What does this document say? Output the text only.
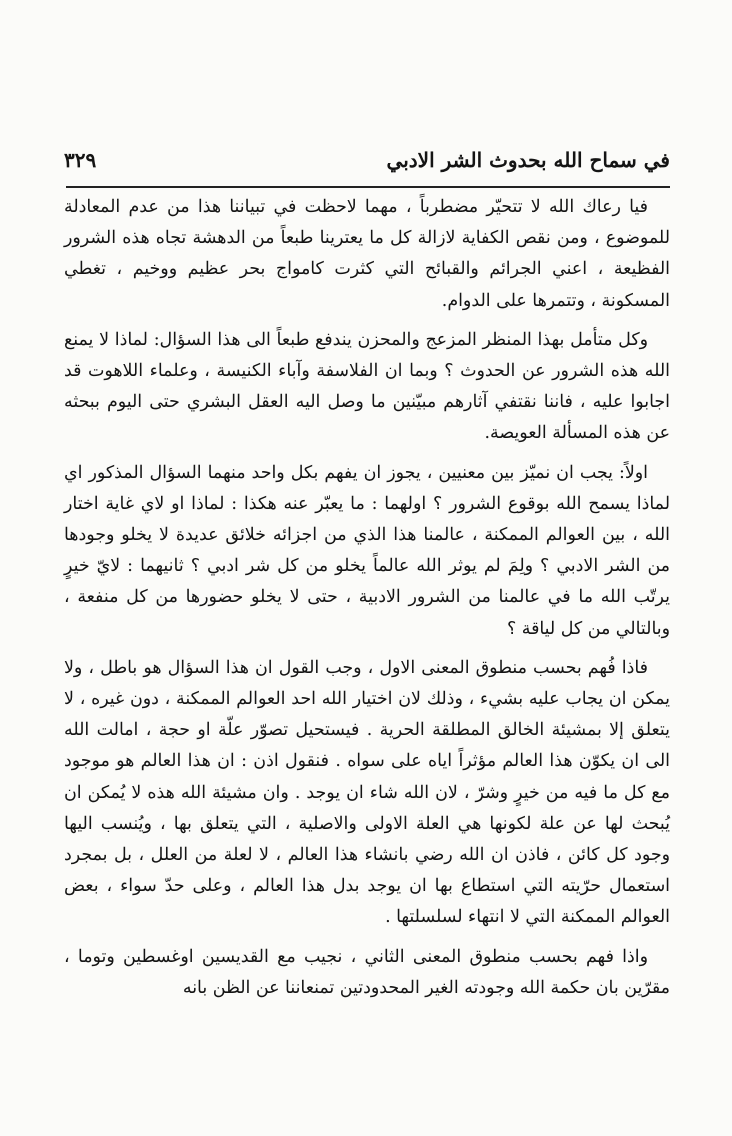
في سماح الله بحدوث الشر الادبي
٣٢٩

فيا رعاك الله لا تتحيّر مضطرباً ، مهما لاحظت في تبياننا هذا من عدم المعادلة للموضوع ، ومن نقص الكفاية لازالة كل ما يعترينا طبعاً من الدهشة تجاه هذه الشرور الفظيعة ، اعني الجرائم والقبائح التي كثرت كامواج بحر عظيم ووخيم ، تغطي المسكونة ، وتتمرها على الدوام.

وكل متأمل بهذا المنظر المزعج والمحزن يندفع طبعاً الى هذا السؤال: لماذا لا يمنع الله هذه الشرور عن الحدوث ؟ وبما ان الفلاسفة وآباء الكنيسة ، وعلماء اللاهوت قد اجابوا عليه ، فاننا نقتفي آثارهم مبيّنين ما وصل اليه العقل البشري حتى اليوم ببحثه عن هذه المسألة العويصة.

اولاً: يجب ان نميّز بين معنيين ، يجوز ان يفهم بكل واحد منهما السؤال المذكور اي لماذا يسمح الله بوقوع الشرور ؟ اولهما : ما يعبّر عنه هكذا : لماذا او لاي غاية اختار الله ، بين العوالم الممكنة ، عالمنا هذا الذي من اجزائه خلائق عديدة لا يخلو وجودها من الشر الادبي ؟ ولِمَ لم يوثر الله عالماً يخلو من كل شر ادبي ؟ ثانيهما : لايّ خيرٍ يرتّب الله ما في عالمنا من الشرور الادبية ، حتى لا يخلو حضورها من كل منفعة ، وبالتالي من كل لياقة ؟

فاذا فُهم بحسب منطوق المعنى الاول ، وجب القول ان هذا السؤال هو باطل ، ولا يمكن ان يجاب عليه بشيء ، وذلك لان اختيار الله احد العوالم الممكنة ، دون غيره ، لا يتعلق إلا بمشيئة الخالق المطلقة الحرية . فيستحيل تصوّر علّة او حجة ، امالت الله الى ان يكوّن هذا العالم مؤثراً اياه على سواه . فنقول اذن : ان هذا العالم هو موجود مع كل ما فيه من خيرٍ وشرّ ، لان الله شاء ان يوجد . وان مشيئة الله هذه لا يُمكن ان يُبحث لها عن علة لكونها هي العلة الاولى والاصلية ، التي يتعلق بها ، ويُنسب اليها وجود كل كائن ، فاذن ان الله رضي بانشاء هذا العالم ، لا لعلة من العلل ، بل بمجرد استعمال حرّيته التي استطاع بها ان يوجد بدل هذا العالم ، وعلى حدّ سواء ، بعض العوالم الممكنة التي لا انتهاء لسلسلتها .

واذا فهم بحسب منطوق المعنى الثاني ، نجيب مع القديسين اوغسطين وتوما ، مقرّين بان حكمة الله وجودته الغير المحدودتين تمنعاننا عن الظن بانه
